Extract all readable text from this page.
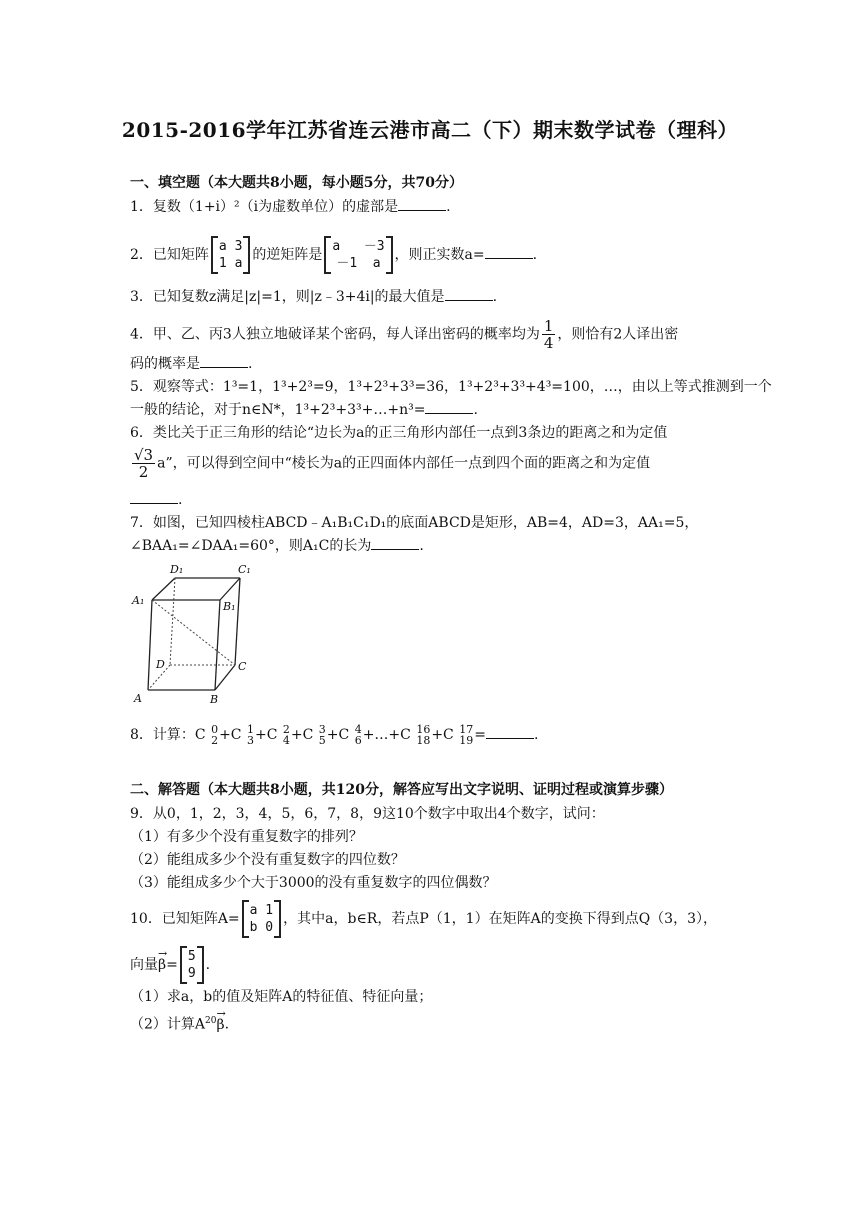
2015-2016学年江苏省连云港市高二（下）期末数学试卷（理科）
一、填空题（本大题共8小题，每小题5分，共70分）
1．复数（1+i）²（i为虚数单位）的虚部是	.
2．已知矩阵
a 3
1 a
的逆矩阵是
a   －3
－1  a
，则正实数a=	.
3．已知复数z满足|z|=1，则|z﹣3+4i|的最大值是	.
4．甲、乙、丙3人独立地破译某个密码，每人译出密码的概率均为 $\frac{1}{4}$ ，则恰有2人译出密
码的概率是	.
5．观察等式：1³=1，1³+2³=9，1³+2³+3³=36，1³+2³+3³+4³=100，…，由以上等式推测到一个
一般的结论，对于n∈N*，1³+2³+3³+…+n³=	.
6．类比关于正三角形的结论“边长为a的正三角形内部任一点到3条边的距离之和为定值
$\frac{√3}{2} a$”，可以得到空间中“棱长为a的正四面体内部任一点到四个面的距离之和为定值
.
7．如图，已知四棱柱ABCD﹣A₁B₁C₁D₁的底面ABCD是矩形，AB=4，AD=3，AA₁=5，
∠BAA₁=∠DAA₁=60°，则A₁C的长为	.
D₁	C₁
A₁	B₁
D	C
A	B
8．计算：C 0
2 +C 1
3 +C 2
4 +C 3
5 +C 4
6 +…+C 16
18 +C 17
19 =	.
二、解答题（本大题共8小题，共120分，解答应写出文字说明、证明过程或演算步骤）
9．从0，1，2，3，4，5，6，7，8，9这10个数字中取出4个数字，试问：
（1）有多少个没有重复数字的排列？
（2）能组成多少个没有重复数字的四位数？
（3）能组成多少个大于3000的没有重复数字的四位偶数？
10．已知矩阵A=
a 1
b 0
，其中a，b∈R，若点P（1，1）在矩阵A的变换下得到点Q（3，3），
向量→ β=
5
9
.
（1）求a，b的值及矩阵A的特征值、特征向量；
（2）计算$A^{20}\to \beta$.
